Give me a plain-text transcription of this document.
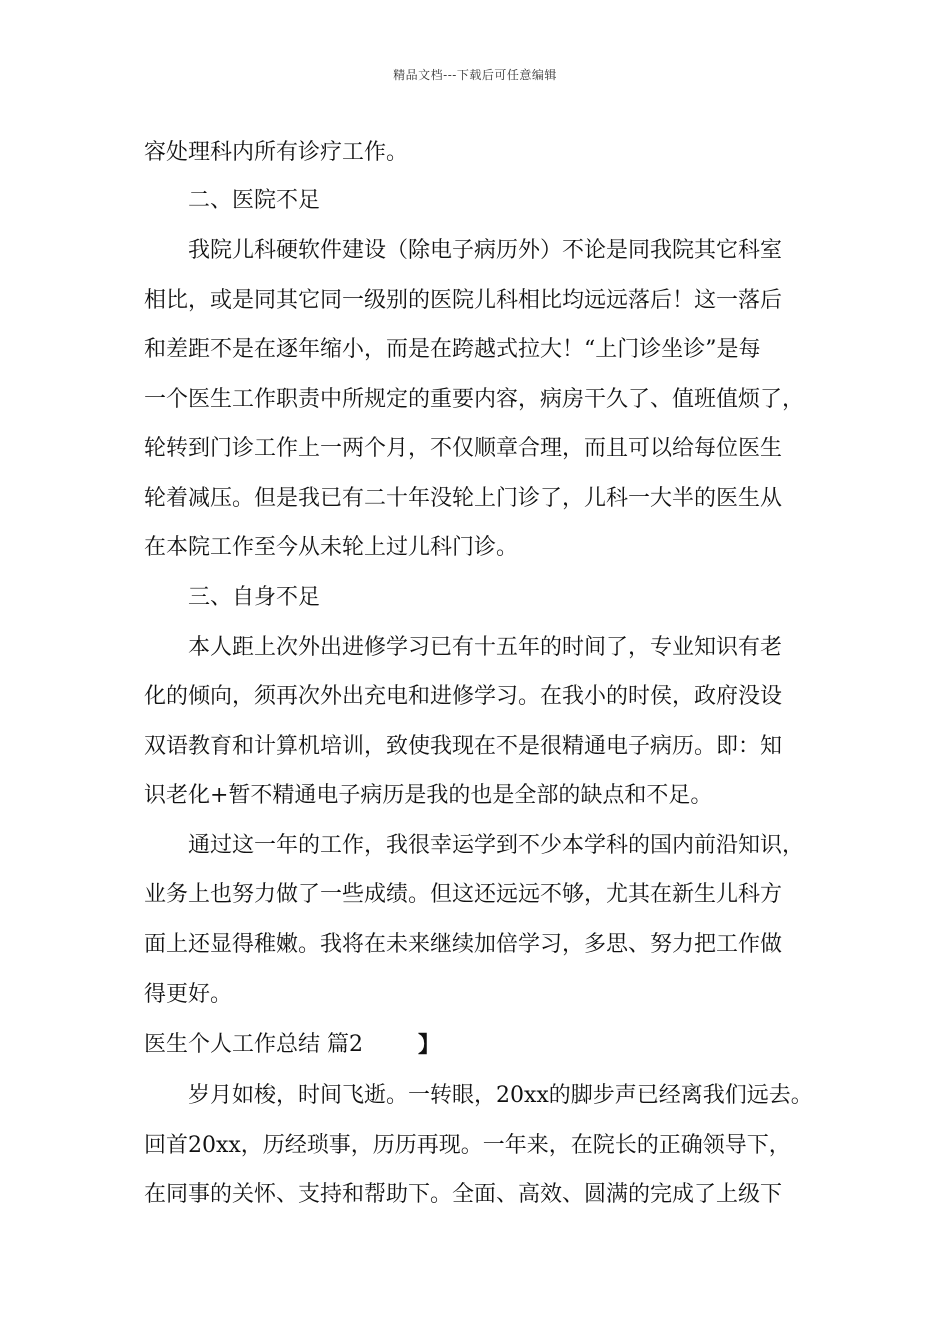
精品文档---下载后可任意编辑
容处理科内所有诊疗工作。
二、医院不足
我院儿科硬软件建设（除电子病历外）不论是同我院其它科室
相比，或是同其它同一级别的医院儿科相比均远远落后！这一落后
和差距不是在逐年缩小，而是在跨越式拉大！“上门诊坐诊”是每
一个医生工作职责中所规定的重要内容，病房干久了、值班值烦了，
轮转到门诊工作上一两个月，不仅顺章合理，而且可以给每位医生
轮着减压。但是我已有二十年没轮上门诊了，儿科一大半的医生从
在本院工作至今从未轮上过儿科门诊。
三、自身不足
本人距上次外出进修学习已有十五年的时间了，专业知识有老
化的倾向，须再次外出充电和进修学习。在我小的时侯，政府没设
双语教育和计算机培训，致使我现在不是很精通电子病历。即：知
识老化+暂不精通电子病历是我的也是全部的缺点和不足。
通过这一年的工作，我很幸运学到不少本学科的国内前沿知识，
业务上也努力做了一些成绩。但这还远远不够，尤其在新生儿科方
面上还显得稚嫩。我将在未来继续加倍学习，多思、努力把工作做
得更好。
医生个人工作总结 篇2	】
岁月如梭，时间飞逝。一转眼，20xx的脚步声已经离我们远去。
回首20xx，历经琐事，历历再现。一年来，在院长的正确领导下，
在同事的关怀、支持和帮助下。全面、高效、圆满的完成了上级下
